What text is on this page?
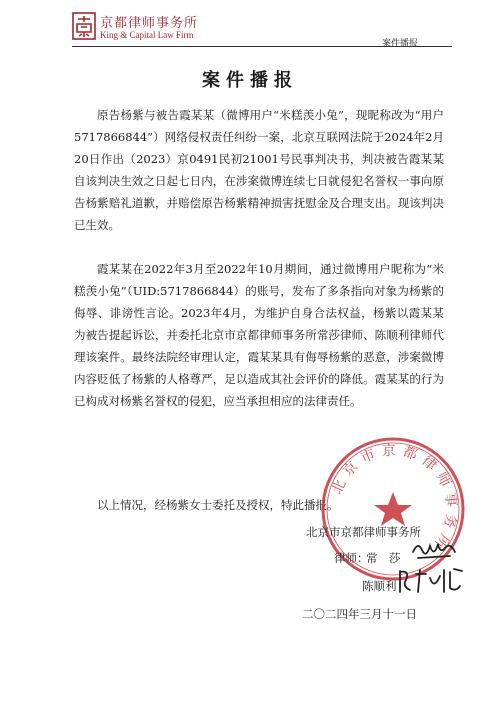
京都律师事务所
King & Capital Law Firm
案件播报
案件播报

原告杨紫与被告霞某某（微博用户“米糕羡小兔”，现昵称改为“用户 5717866844”）网络侵权责任纠纷一案，北京互联网法院于2024年2月20日作出（2023）京0491民初21001号民事判决书，判决被告霞某某自该判决生效之日起七日内，在涉案微博连续七日就侵犯名誉权一事向原告杨紫赔礼道歉，并赔偿原告杨紫精神损害抚慰金及合理支出。现该判决已生效。

霞某某在2022年3月至2022年10月期间，通过微博用户昵称为“米糕羡小兔”（UID:5717866844）的账号，发布了多条指向对象为杨紫的侮辱、诽谤性言论。2023年4月，为维护自身合法权益，杨紫以霞某某为被告提起诉讼，并委托北京市京都律师事务所常莎律师、陈顺利律师代理该案件。最终法院经审理认定，霞某某具有侮辱杨紫的恶意，涉案微博内容贬低了杨紫的人格尊严，足以造成其社会评价的降低。霞某某的行为已构成对杨紫名誉权的侵犯，应当承担相应的法律责任。

以上情况，经杨紫女士委托及授权，特此播报。

北京市京都律师事务所
北京市京都律师事务所
律师：
常　莎
陈顺利
二〇二四年三月十一日
